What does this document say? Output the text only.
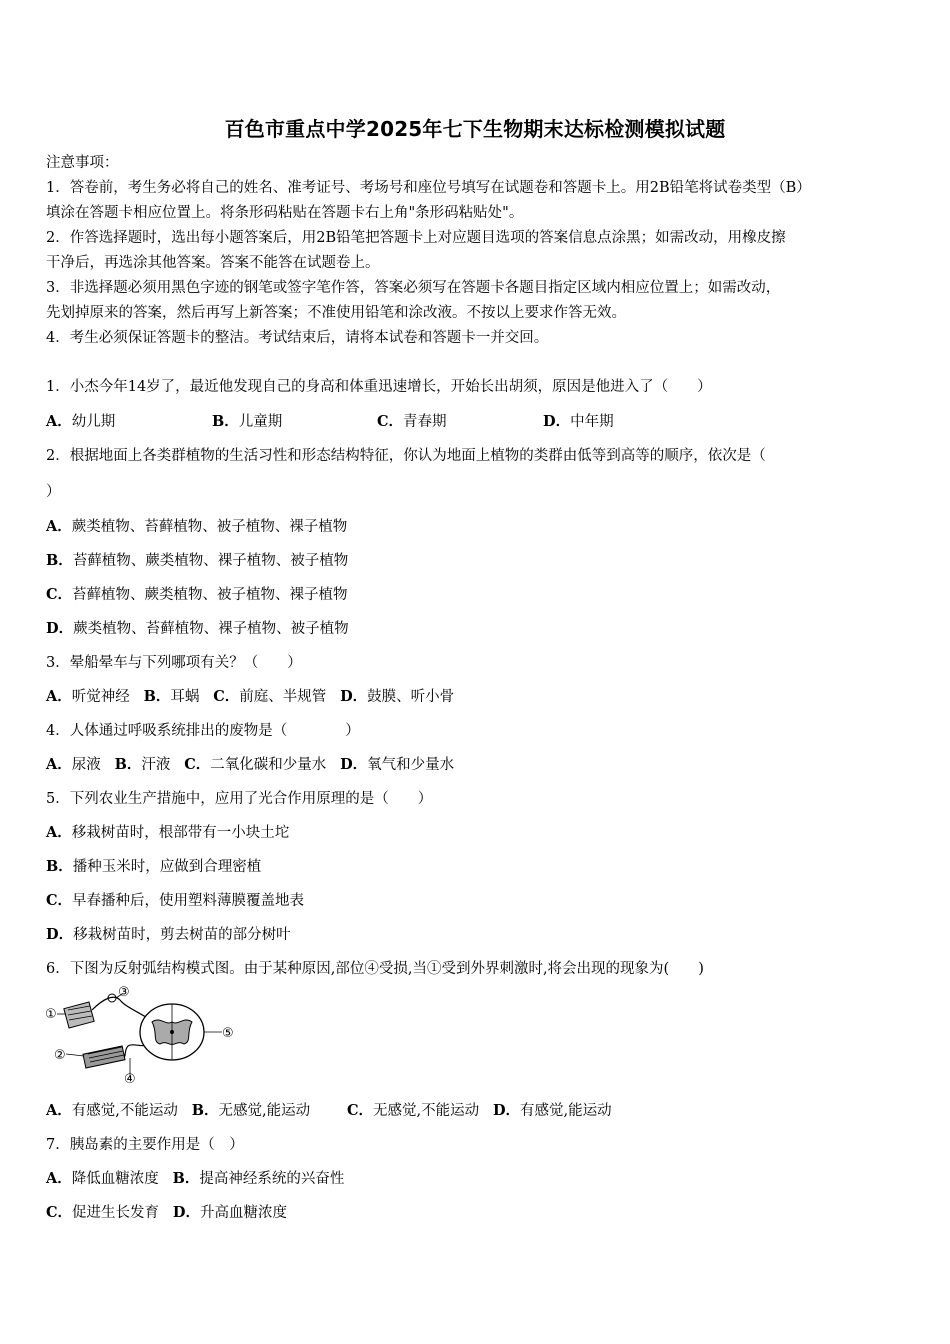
百色市重点中学2025年七下生物期末达标检测模拟试题
注意事项：
1．答卷前，考生务必将自己的姓名、准考证号、考场号和座位号填写在试题卷和答题卡上。用2B铅笔将试卷类型（B）
填涂在答题卡相应位置上。将条形码粘贴在答题卡右上角"条形码粘贴处"。
2．作答选择题时，选出每小题答案后，用2B铅笔把答题卡上对应题目选项的答案信息点涂黑；如需改动，用橡皮擦
干净后，再选涂其他答案。答案不能答在试题卷上。
3．非选择题必须用黑色字迹的钢笔或签字笔作答，答案必须写在答题卡各题目指定区域内相应位置上；如需改动，
先划掉原来的答案，然后再写上新答案；不准使用铅笔和涂改液。不按以上要求作答无效。
4．考生必须保证答题卡的整洁。考试结束后，请将本试卷和答题卡一并交回。
1．小杰今年14岁了，最近他发现自己的身高和体重迅速增长，开始长出胡须，原因是他进入了（　　）
A．幼儿期	B．儿童期	C．青春期	D．中年期
2．根据地面上各类群植物的生活习性和形态结构特征，你认为地面上植物的类群由低等到高等的顺序，依次是（
）
A．蕨类植物、苔藓植物、被子植物、裸子植物
B．苔藓植物、蕨类植物、裸子植物、被子植物
C．苔藓植物、蕨类植物、被子植物、裸子植物
D．蕨类植物、苔藓植物、裸子植物、被子植物
3．晕船晕车与下列哪项有关？（　　）
A．听觉神经 B．耳蜗 C．前庭、半规管 D．鼓膜、听小骨
4．人体通过呼吸系统排出的废物是（　　　　）
A．尿液 B．汗液 C．二氧化碳和少量水 D．氧气和少量水
5．下列农业生产措施中，应用了光合作用原理的是（　　）
A．移栽树苗时，根部带有一小块土坨
B．播种玉米时，应做到合理密植
C．早春播种后，使用塑料薄膜覆盖地表
D．移栽树苗时，剪去树苗的部分树叶
6．下图为反射弧结构模式图。由于某种原因,部位④受损,当①受到外界刺激时,将会出现的现象为(　　)
①
②
③
④
⑤
A．有感觉,不能运动 B．无感觉,能运动	C．无感觉,不能运动 D．有感觉,能运动
7．胰岛素的主要作用是（　）
A．降低血糖浓度 B．提高神经系统的兴奋性
C．促进生长发育 D．升高血糖浓度
